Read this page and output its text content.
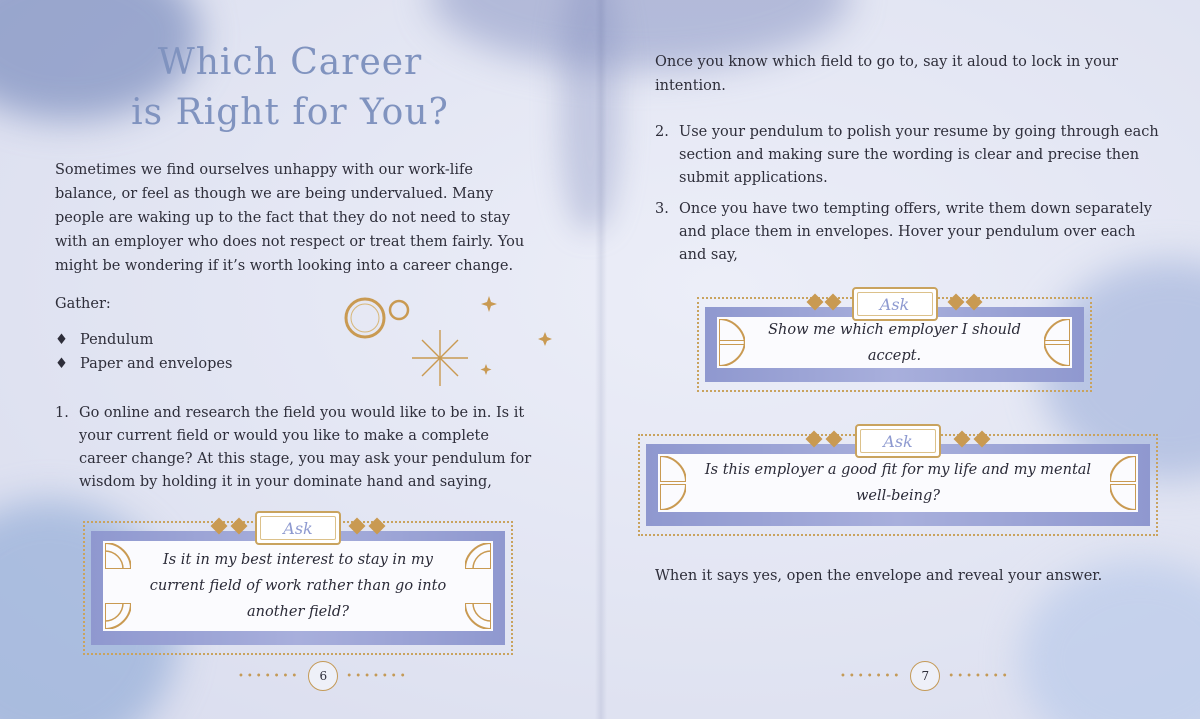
Which Career
is Right for You?

Sometimes we find ourselves unhappy with our work-life balance, or feel as though we are being undervalued. Many people are waking up to the fact that they do not need to stay with an employer who does not respect or treat them fairly. You might be wondering if it’s worth looking into a career change.

Gather:

♦ Pendulum
♦ Paper and envelopes
1. Go online and research the field you would like to be in. Is it your current field or would you like to make a complete career change? At this stage, you may ask your pendulum for wisdom by holding it in your dominate hand and saying,
Is it in my best interest to stay in my current field of work rather than go into another field?
Ask
•••••••	6	•••••••

Once you know which field to go to, say it aloud to lock in your intention.

2. Use your pendulum to polish your resume by going through each section and making sure the wording is clear and precise then submit applications.
3. Once you have two tempting offers, write them down separately and place them in envelopes. Hover your pendulum over each and say,
Show me which employer I should accept.
Ask
Is this employer a good fit for my life and my mental well-being?
Ask

When it says yes, open the envelope and reveal your answer.

•••••••	7	•••••••
